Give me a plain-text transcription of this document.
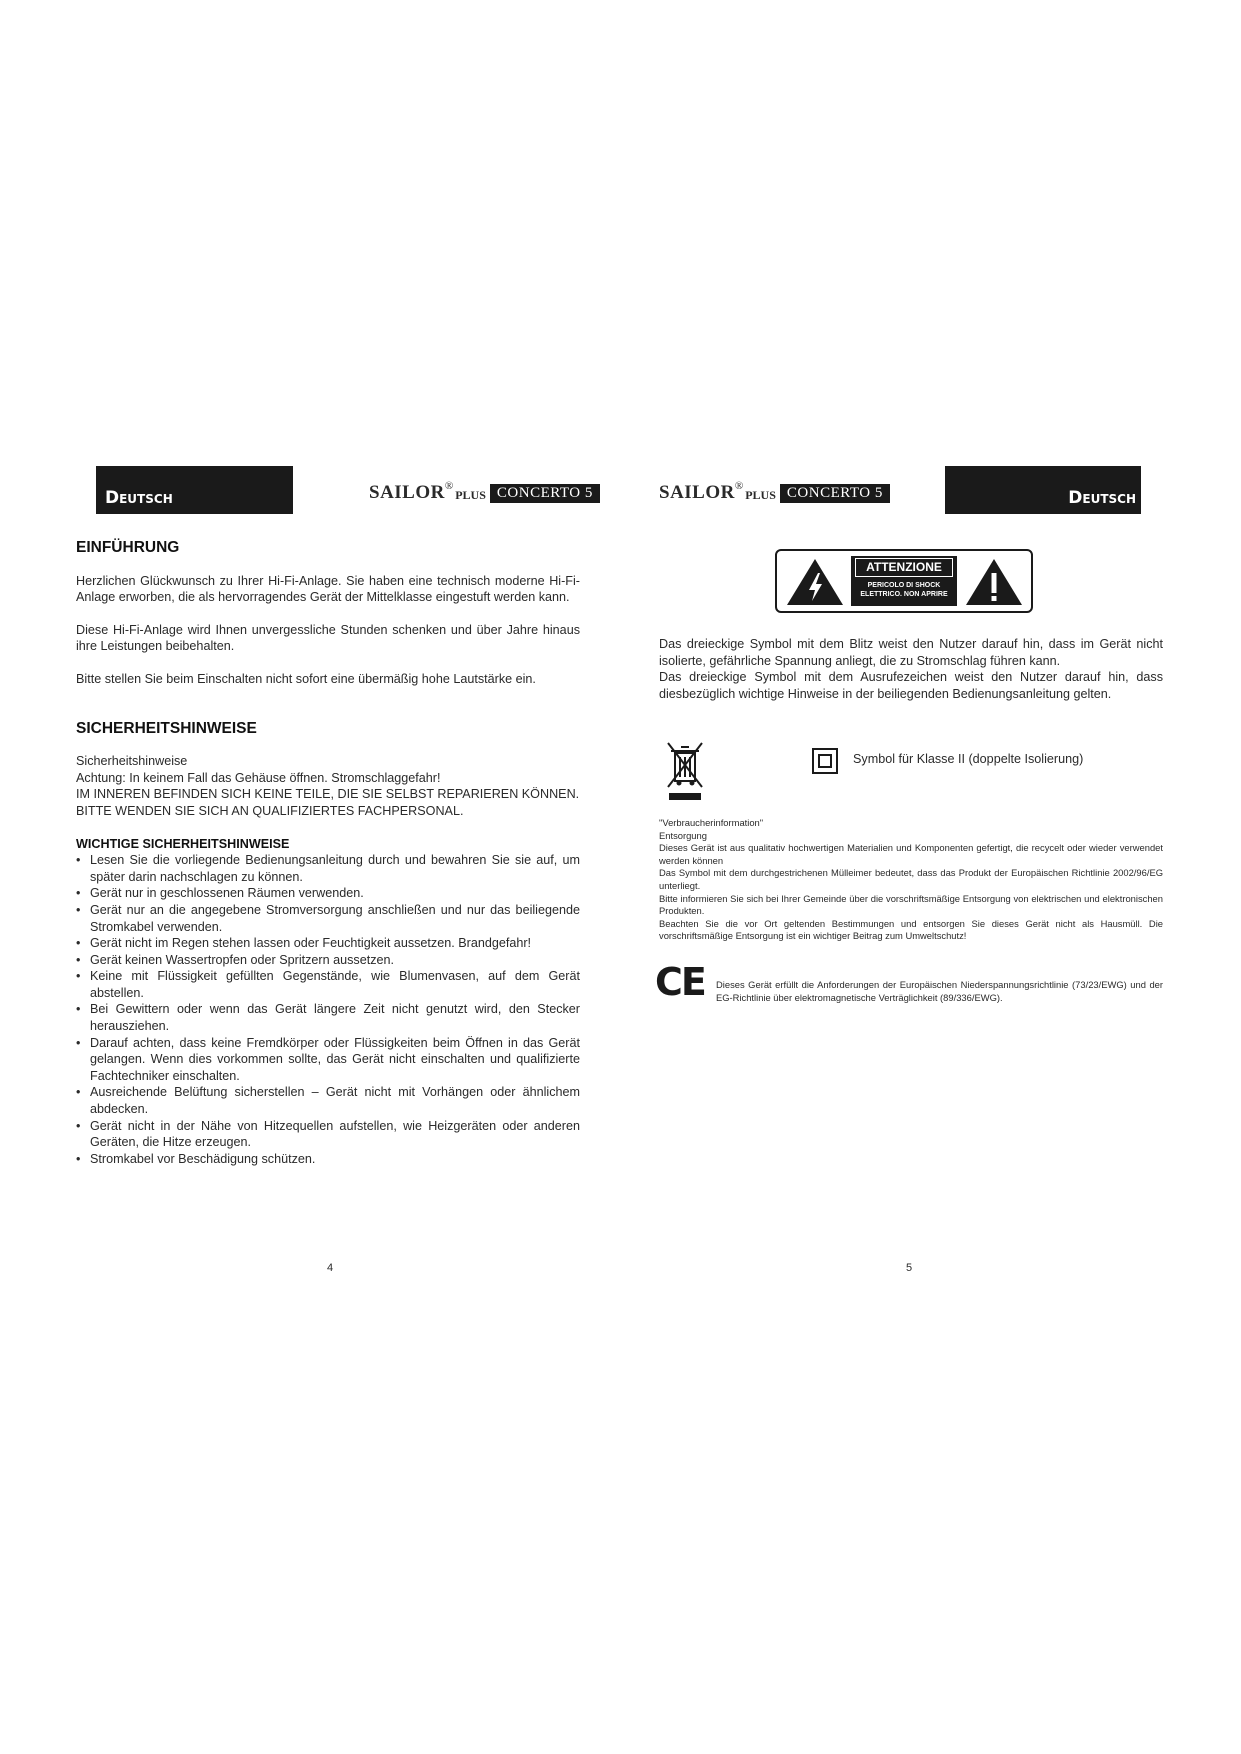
Deutsch	SAILOR ®
PLUS CONCERTO 5	SAILOR ®
PLUS CONCERTO 5	Deutsch
EINFÜHRUNG

Herzlichen Glückwunsch zu Ihrer Hi-Fi-Anlage. Sie haben eine technisch moderne Hi-Fi-Anlage erworben, die als hervorragendes Gerät der Mittelklasse eingestuft werden kann.

Diese Hi-Fi-Anlage wird Ihnen unvergessliche Stunden schenken und über Jahre hinaus ihre Leistungen beibehalten.

Bitte stellen Sie beim Einschalten nicht sofort eine übermäßig hohe Lautstärke ein.

SICHERHEITSHINWEISE
Sicherheitshinweise
Achtung: In keinem Fall das Gehäuse öffnen. Stromschlaggefahr!
IM INNEREN BEFINDEN SICH KEINE TEILE, DIE SIE SELBST REPARIEREN KÖNNEN. BITTE WENDEN SIE SICH AN QUALIFIZIERTES FACHPERSONAL.
WICHTIGE SICHERHEITSHINWEISE
• Lesen Sie die vorliegende Bedienungsanleitung durch und bewahren Sie sie auf, um später darin nachschlagen zu können.
• Gerät nur in geschlossenen Räumen verwenden.
• Gerät nur an die angegebene Stromversorgung anschließen und nur das beiliegende Stromkabel verwenden.
• Gerät nicht im Regen stehen lassen oder Feuchtigkeit aussetzen. Brandgefahr!
• Gerät keinen Wassertropfen oder Spritzern aussetzen.
• Keine mit Flüssigkeit gefüllten Gegenstände, wie Blumenvasen, auf dem Gerät abstellen.
• Bei Gewittern oder wenn das Gerät längere Zeit nicht genutzt wird, den Stecker herausziehen.
• Darauf achten, dass keine Fremdkörper oder Flüssigkeiten beim Öffnen in das Gerät gelangen. Wenn dies vorkommen sollte, das Gerät nicht einschalten und qualifizierte Fachtechniker einschalten.
• Ausreichende Belüftung sicherstellen – Gerät nicht mit Vorhängen oder ähnlichem abdecken.
• Gerät nicht in der Nähe von Hitzequellen aufstellen, wie Heizgeräten oder anderen Geräten, die Hitze erzeugen.
• Stromkabel vor Beschädigung schützen.
ATTENZIONE
PERICOLO DI SHOCK
ELETTRICO. NON APRIRE
Das dreieckige Symbol mit dem Blitz weist den Nutzer darauf hin, dass im Gerät nicht isolierte, gefährliche Spannung anliegt, die zu Stromschlag führen kann.
Das dreieckige Symbol mit dem Ausrufezeichen weist den Nutzer darauf hin, dass diesbezüglich wichtige Hinweise in der beiliegenden Bedienungsanleitung gelten.
Symbol für Klasse II (doppelte Isolierung)
"Verbraucherinformation"
Entsorgung
Dieses Gerät ist aus qualitativ hochwertigen Materialien und Komponenten gefertigt, die recycelt oder wieder verwendet werden können
Das Symbol mit dem durchgestrichenen Mülleimer bedeutet, dass das Produkt der Europäischen Richtlinie 2002/96/EG unterliegt.
Bitte informieren Sie sich bei Ihrer Gemeinde über die vorschriftsmäßige Entsorgung von elektrischen und elektronischen Produkten.
Beachten Sie die vor Ort geltenden Bestimmungen und entsorgen Sie dieses Gerät nicht als Hausmüll. Die vorschriftsmäßige Entsorgung ist ein wichtiger Beitrag zum Umweltschutz!
CE Dieses Gerät erfüllt die Anforderungen der Europäischen Niederspannungsrichtlinie (73/23/EWG) und der EG-Richtlinie über elektromagnetische Verträglichkeit (89/336/EWG).
4	5
